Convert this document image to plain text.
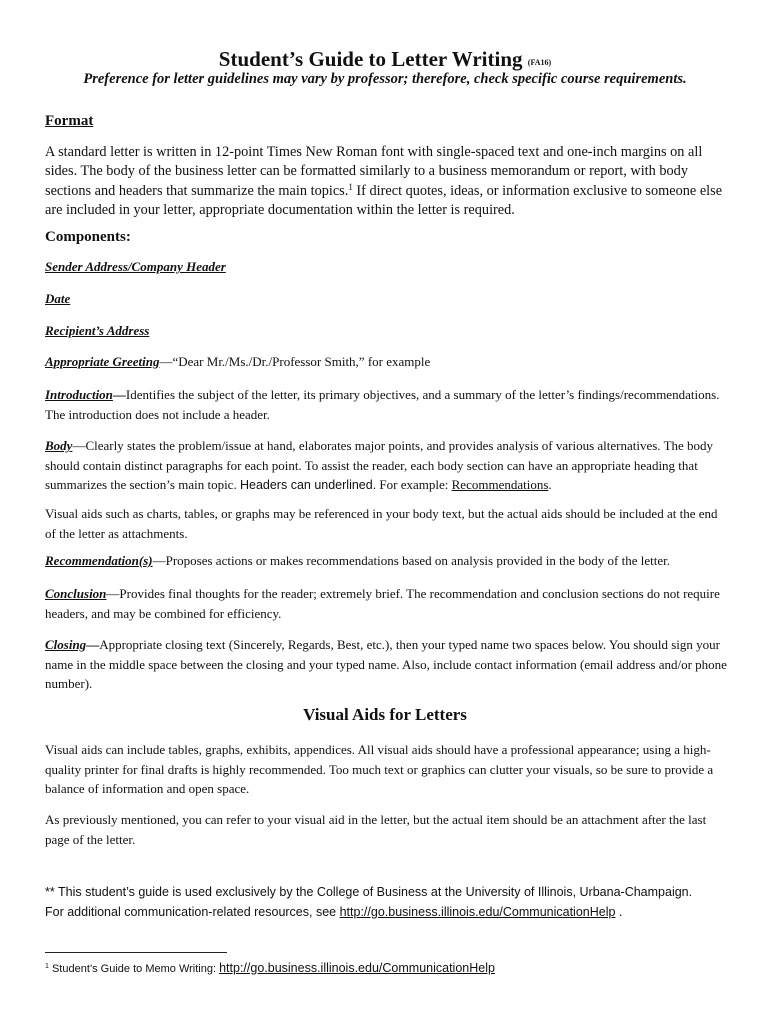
Student’s Guide to Letter Writing (FA16)
Preference for letter guidelines may vary by professor; therefore, check specific course requirements.
Format

A standard letter is written in 12-point Times New Roman font with single-spaced text and one-inch margins on all sides. The body of the business letter can be formatted similarly to a business memorandum or report, with body sections and headers that summarize the main topics.$^1$ If direct quotes, ideas, or information exclusive to someone else are included in your letter, appropriate documentation within the letter is required.

Components:

Sender Address/Company Header

Date

Recipient’s Address

Appropriate Greeting—“Dear Mr./Ms./Dr./Professor Smith,” for example

Introduction—Identifies the subject of the letter, its primary objectives, and a summary of the letter’s findings/recommendations. The introduction does not include a header.

Body—Clearly states the problem/issue at hand, elaborates major points, and provides analysis of various alternatives. The body should contain distinct paragraphs for each point. To assist the reader, each body section can have an appropriate heading that summarizes the section’s main topic. Headers can underlined. For example: Recommendations.

Visual aids such as charts, tables, or graphs may be referenced in your body text, but the actual aids should be included at the end of the letter as attachments.

Recommendation(s)—Proposes actions or makes recommendations based on analysis provided in the body of the letter.

Conclusion—Provides final thoughts for the reader; extremely brief. The recommendation and conclusion sections do not require headers, and may be combined for efficiency.

Closing—Appropriate closing text (Sincerely, Regards, Best, etc.), then your typed name two spaces below. You should sign your name in the middle space between the closing and your typed name. Also, include contact information (email address and/or phone number).

Visual Aids for Letters

Visual aids can include tables, graphs, exhibits, appendices. All visual aids should have a professional appearance; using a high-quality printer for final drafts is highly recommended. Too much text or graphics can clutter your visuals, so be sure to provide a balance of information and open space.

As previously mentioned, you can refer to your visual aid in the letter, but the actual item should be an attachment after the last page of the letter.

** This student’s guide is used exclusively by the College of Business at the University of Illinois, Urbana-Champaign.
For additional communication-related resources, see http://go.business.illinois.edu/CommunicationHelp .

$^1$ Student’s Guide to Memo Writing: http://go.business.illinois.edu/CommunicationHelp
